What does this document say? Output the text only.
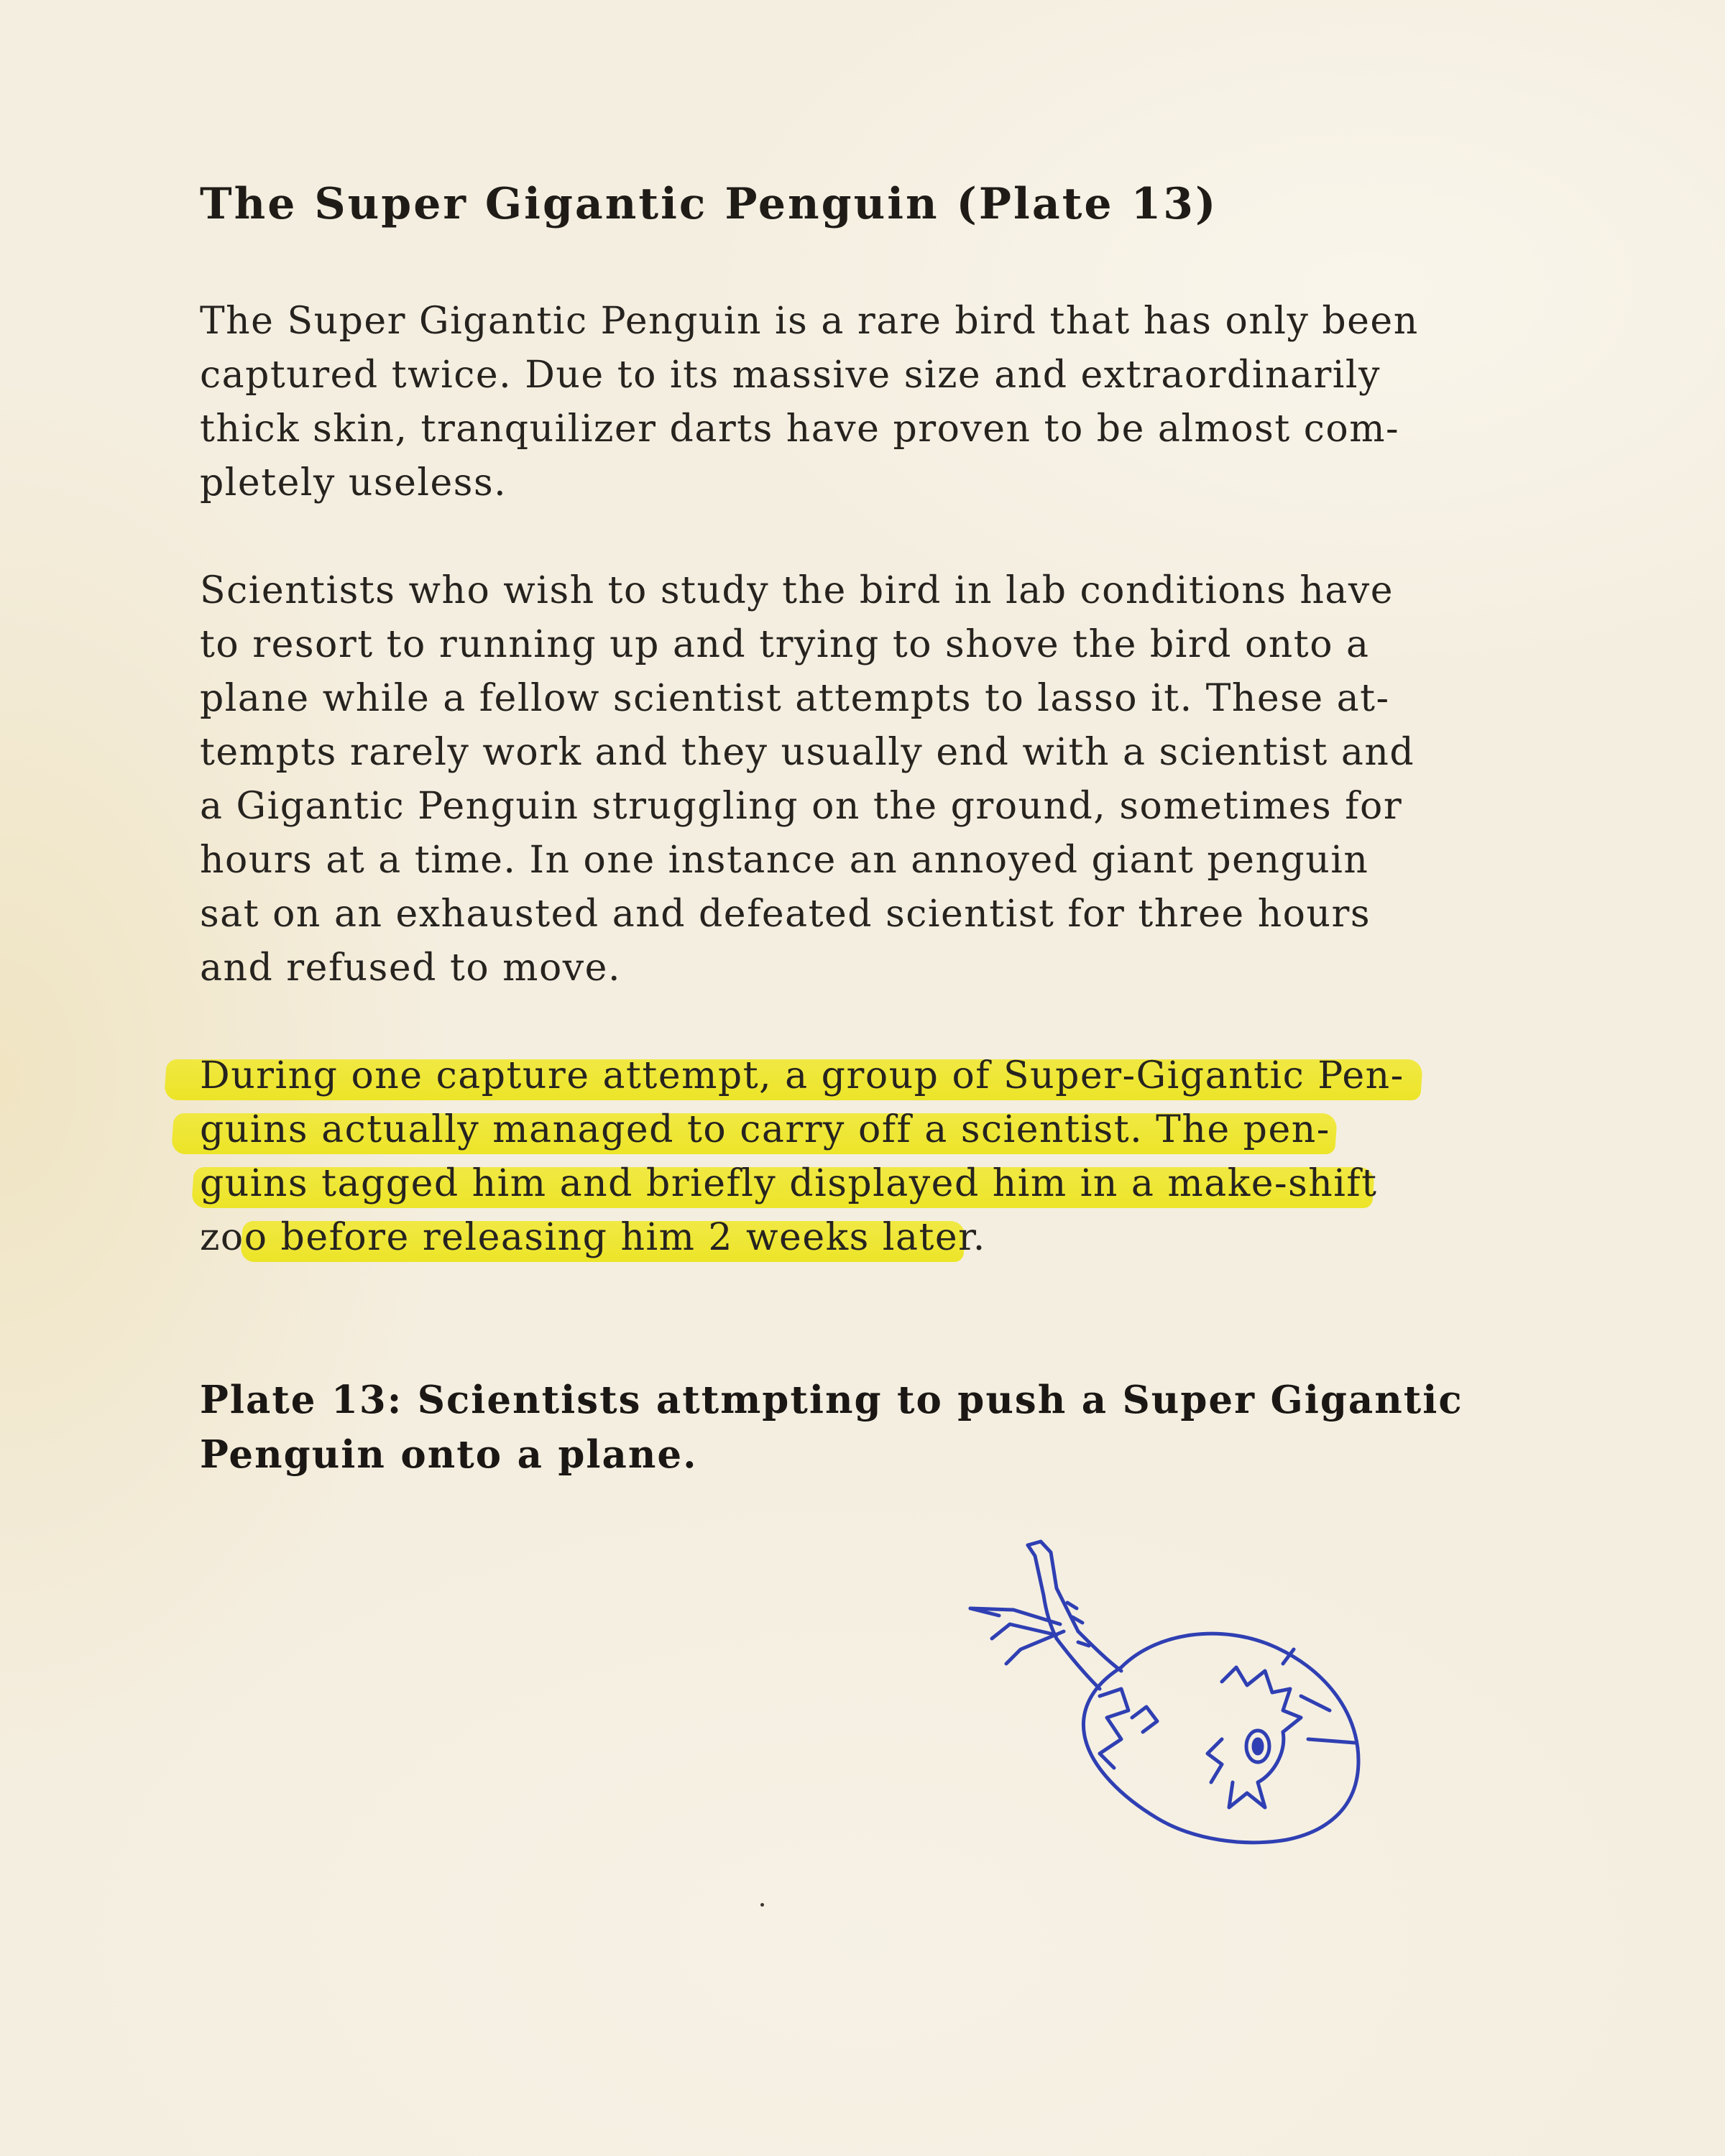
The Super Gigantic Penguin (Plate 13)
The Super Gigantic Penguin is a rare bird that has only been
captured twice. Due to its massive size and extraordinarily
thick skin, tranquilizer darts have proven to be almost com-
pletely useless.
Scientists who wish to study the bird in lab conditions have
to resort to running up and trying to shove the bird onto a
plane while a fellow scientist attempts to lasso it. These at-
tempts rarely work and they usually end with a scientist and
a Gigantic Penguin struggling on the ground, sometimes for
hours at a time. In one instance an annoyed giant penguin
sat on an exhausted and defeated scientist for three hours
and refused to move.
During one capture attempt, a group of Super-Gigantic Pen-
guins actually managed to carry off a scientist. The pen-
guins tagged him and briefly displayed him in a make-shift
zoo before releasing him 2 weeks later.
Plate 13: Scientists attmpting to push a Super Gigantic
Penguin onto a plane.
